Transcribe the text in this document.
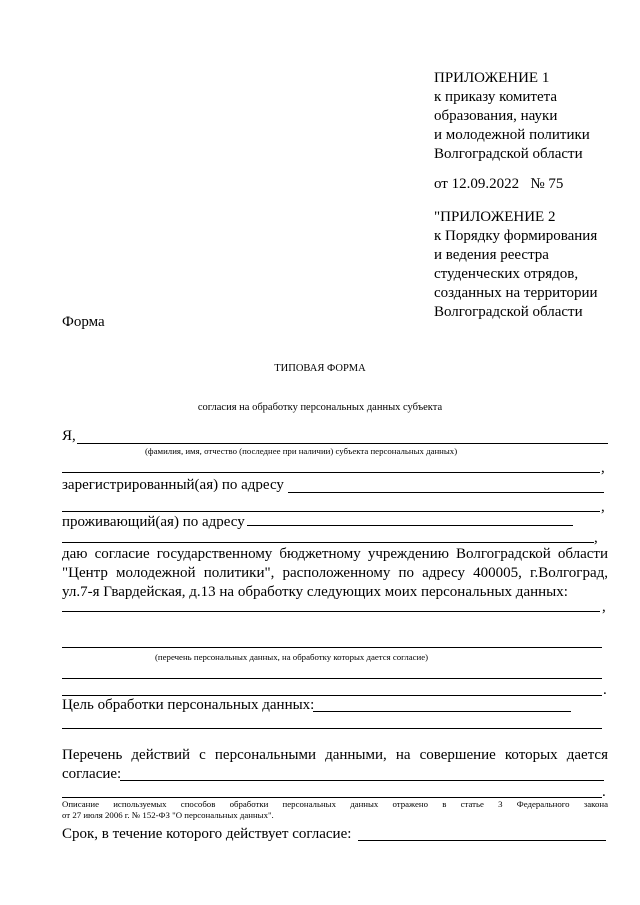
ПРИЛОЖЕНИЕ 1
к приказу комитета
образования, науки
и молодежной политики
Волгоградской области
от 12.09.2022   № 75
"ПРИЛОЖЕНИЕ 2
к Порядку формирования
и ведения реестра
студенческих отрядов,
созданных на территории
Волгоградской области
Форма
ТИПОВАЯ ФОРМА
согласия на обработку персональных данных субъекта
Я,
(фамилия, имя, отчество (последнее при наличии) субъекта персональных данных)
,
зарегистрированный(ая) по адресу
,
проживающий(ая) по адресу
,
даю согласие государственному бюджетному учреждению Волгоградской области
"Центр молодежной политики", расположенному по адресу 400005, г.Волгоград,
ул.7-я Гвардейская, д.13 на обработку следующих моих персональных данных:
,
(перечень персональных данных, на обработку которых дается согласие)
.
Цель обработки персональных данных:
Перечень действий с персональными данными, на совершение которых дается
согласие:
.
Описание используемых способов обработки персональных данных отражено в статье 3 Федерального закона
от 27 июля 2006 г. № 152-ФЗ "О персональных данных".
Срок, в течение которого действует согласие:
